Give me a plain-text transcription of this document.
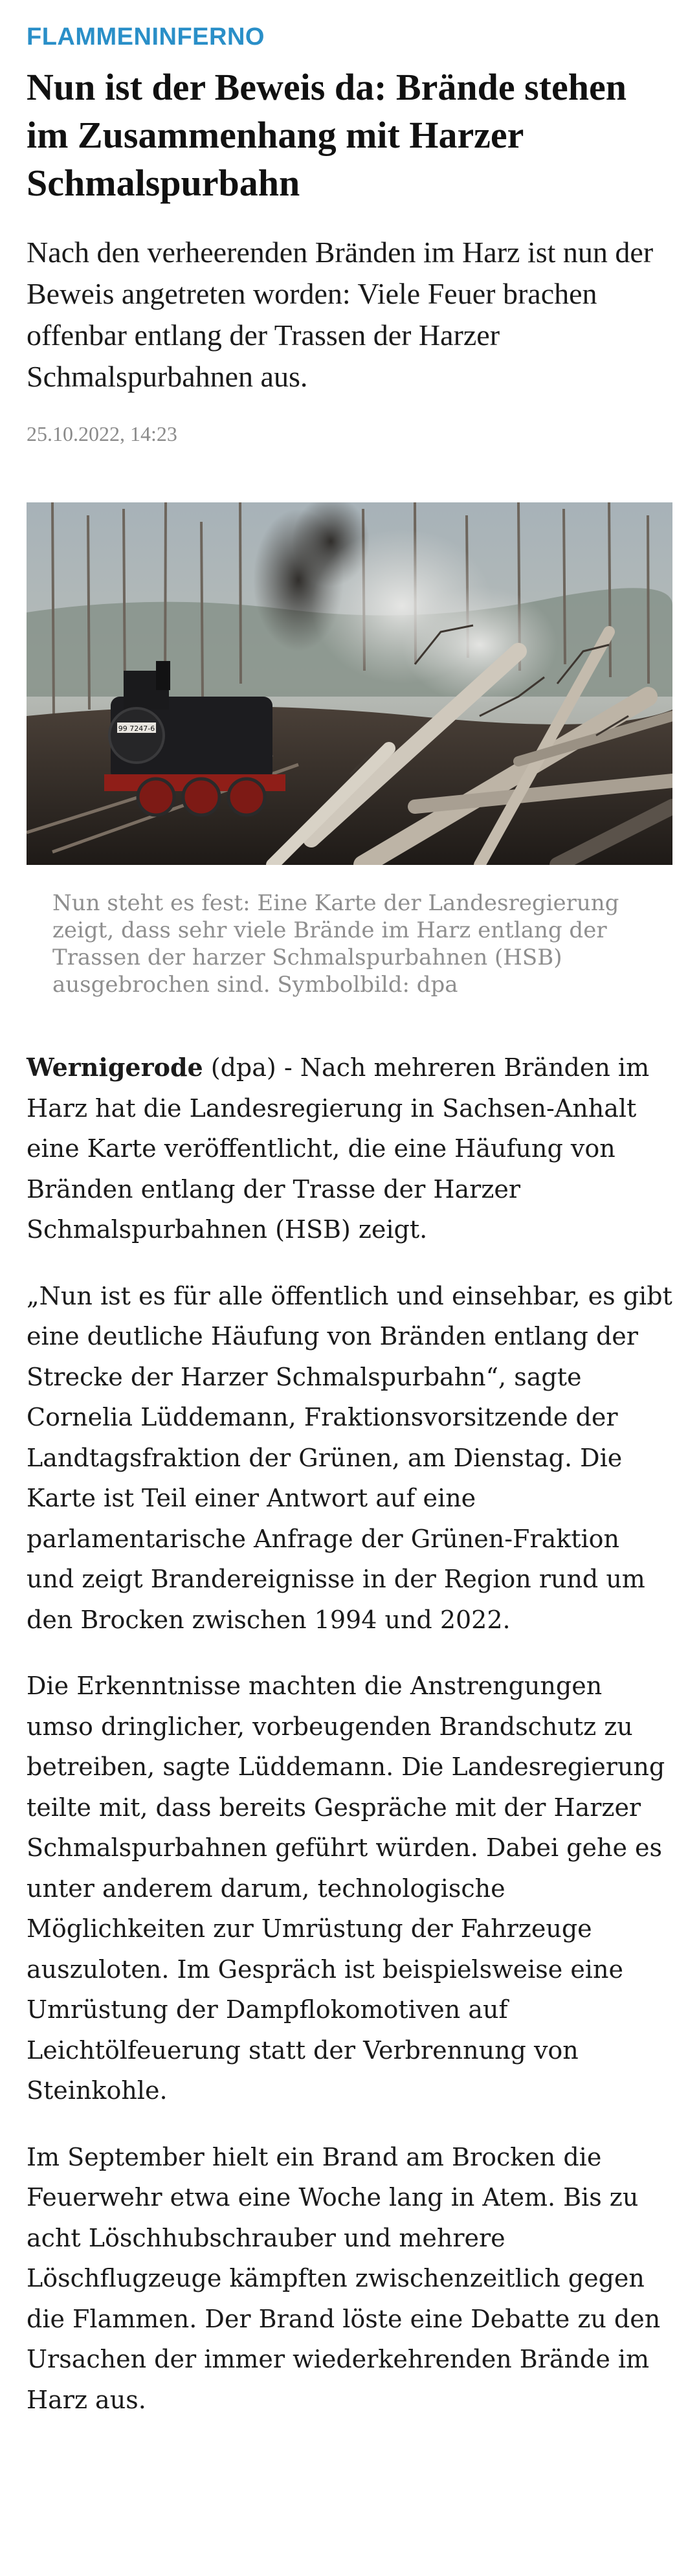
FLAMMENINFERNO
Nun ist der Beweis da: Brände stehen im Zusammenhang mit Harzer Schmalspurbahn

Nach den verheerenden Bränden im Harz ist nun der Beweis angetreten worden: Viele Feuer brachen offenbar entlang der Trassen der Harzer Schmalspurbahnen aus.

25.10.2022, 14:23
99 7247-6
Nun steht es fest: Eine Karte der Landesregierung zeigt, dass sehr viele Brände im Harz entlang der Trassen der harzer Schmalspurbahnen (HSB) ausgebrochen sind. Symbolbild: dpa

Wernigerode (dpa) - Nach mehreren Bränden im Harz hat die Landesregierung in Sachsen-Anhalt eine Karte veröffentlicht, die eine Häufung von Bränden entlang der Trasse der Harzer Schmalspurbahnen (HSB) zeigt.

„Nun ist es für alle öffentlich und einsehbar, es gibt eine deutliche Häufung von Bränden entlang der Strecke der Harzer Schmalspurbahn“, sagte Cornelia Lüddemann, Fraktionsvorsitzende der Landtagsfraktion der Grünen, am Dienstag. Die Karte ist Teil einer Antwort auf eine parlamentarische Anfrage der Grünen-Fraktion und zeigt Brandereignisse in der Region rund um den Brocken zwischen 1994 und 2022.

Die Erkenntnisse machten die Anstrengungen umso dringlicher, vorbeugenden Brandschutz zu betreiben, sagte Lüddemann. Die Landesregierung teilte mit, dass bereits Gespräche mit der Harzer Schmalspurbahnen geführt würden. Dabei gehe es unter anderem darum, technologische Möglichkeiten zur Umrüstung der Fahrzeuge auszuloten. Im Gespräch ist beispielsweise eine Umrüstung der Dampflokomotiven auf Leichtölfeuerung statt der Verbrennung von Steinkohle.

Im September hielt ein Brand am Brocken die Feuerwehr etwa eine Woche lang in Atem. Bis zu acht Löschhubschrauber und mehrere Löschflugzeuge kämpften zwischenzeitlich gegen die Flammen. Der Brand löste eine Debatte zu den Ursachen der immer wiederkehrenden Brände im Harz aus.
